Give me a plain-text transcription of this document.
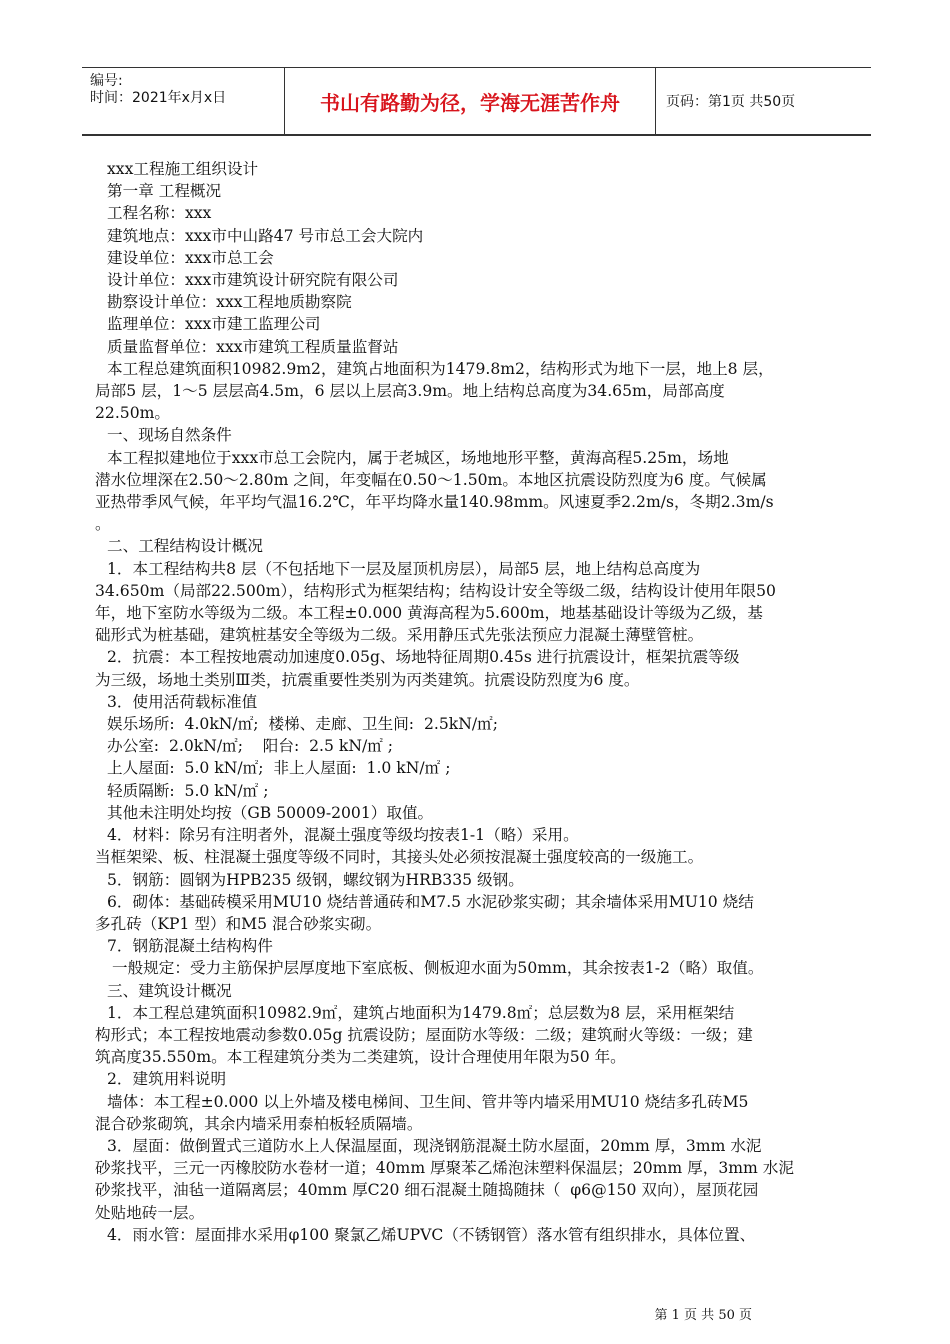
编号:
时间：2021年x月x日	书山有路勤为径，学海无涯苦作舟	页码：第1页 共50页

xxx工程施工组织设计

第一章 工程概况

工程名称：xxx

建筑地点：xxx市中山路47 号市总工会大院内

建设单位：xxx市总工会

设计单位：xxx市建筑设计研究院有限公司

勘察设计单位：xxx工程地质勘察院

监理单位：xxx市建工监理公司

质量监督单位：xxx市建筑工程质量监督站

本工程总建筑面积10982.9m2，建筑占地面积为1479.8m2，结构形式为地下一层，地上8 层，

局部5 层，1～5 层层高4.5m，6 层以上层高3.9m。地上结构总高度为34.65m，局部高度

22.50m。

一、现场自然条件

本工程拟建地位于xxx市总工会院内，属于老城区，场地地形平整，黄海高程5.25m，场地

潜水位埋深在2.50～2.80m 之间，年变幅在0.50～1.50m。本地区抗震设防烈度为6 度。气候属

亚热带季风气候，年平均气温16.2℃，年平均降水量140.98mm。风速夏季2.2m/s，冬期2.3m/s

。

二、工程结构设计概况

1．本工程结构共8 层（不包括地下一层及屋顶机房层），局部5 层，地上结构总高度为

34.650m（局部22.500m），结构形式为框架结构；结构设计安全等级二级，结构设计使用年限50

年，地下室防水等级为二级。本工程±0.000 黄海高程为5.600m，地基基础设计等级为乙级，基

础形式为桩基础，建筑桩基安全等级为二级。采用静压式先张法预应力混凝土薄壁管桩。

2．抗震：本工程按地震动加速度0.05g、场地特征周期0.45s 进行抗震设计，框架抗震等级

为三级，场地土类别Ⅲ类，抗震重要性类别为丙类建筑。抗震设防烈度为6 度。

3．使用活荷载标准值

娱乐场所:  4.0kN/㎡;  楼梯、走廊、卫生间:  2.5kN/㎡;

办公室:  2.0kN/㎡;    阳台:  2.5 kN/㎡ ;

上人屋面:  5.0 kN/㎡;  非上人屋面:  1.0 kN/㎡ ;

轻质隔断:  5.0 kN/㎡ ;

其他未注明处均按（GB 50009-2001）取值。

4．材料：除另有注明者外，混凝土强度等级均按表1-1（略）采用。

当框架梁、板、柱混凝土强度等级不同时，其接头处必须按混凝土强度较高的一级施工。

5．钢筋：圆钢为HPB235 级钢，螺纹钢为HRB335 级钢。

6．砌体：基础砖模采用MU10 烧结普通砖和M7.5 水泥砂浆实砌；其余墙体采用MU10 烧结

多孔砖（KP1 型）和M5 混合砂浆实砌。

7．钢筋混凝土结构构件

一般规定：受力主筋保护层厚度地下室底板、侧板迎水面为50mm，其余按表1-2（略）取值。

三、建筑设计概况

1．本工程总建筑面积10982.9㎡，建筑占地面积为1479.8㎡；总层数为8 层，采用框架结

构形式；本工程按地震动参数0.05g 抗震设防；屋面防水等级：二级；建筑耐火等级：一级；建

筑高度35.550m。本工程建筑分类为二类建筑，设计合理使用年限为50 年。

2．建筑用料说明

墙体：本工程±0.000 以上外墙及楼电梯间、卫生间、管井等内墙采用MU10 烧结多孔砖M5

混合砂浆砌筑，其余内墙采用泰柏板轻质隔墙。

3．屋面：做倒置式三道防水上人保温屋面，现浇钢筋混凝土防水屋面，20mm 厚，3mm 水泥

砂浆找平，三元一丙橡胶防水卷材一道；40mm 厚聚苯乙烯泡沫塑料保温层；20mm 厚，3mm 水泥

砂浆找平，油毡一道隔离层；40mm 厚C20 细石混凝土随捣随抹（  φ6@150 双向），屋顶花园

处贴地砖一层。

4．雨水管：屋面排水采用φ100 聚氯乙烯UPVC（不锈钢管）落水管有组织排水，具体位置、

第 1 页 共 50 页
